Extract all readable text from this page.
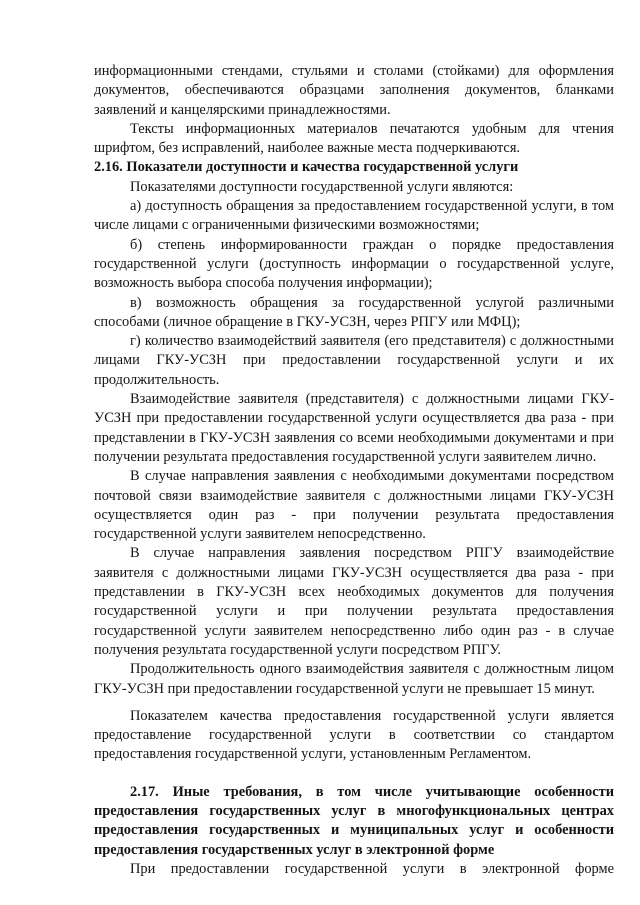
информационными стендами, стульями и столами (стойками) для оформления документов, обеспечиваются образцами заполнения документов, бланками заявлений и канцелярскими принадлежностями.

Тексты информационных материалов печатаются удобным для чтения шрифтом, без исправлений, наиболее важные места подчеркиваются.

2.16. Показатели доступности и качества государственной услуги

Показателями доступности государственной услуги являются:

а) доступность обращения за предоставлением государственной услуги, в том числе лицами с ограниченными физическими возможностями;

б) степень информированности граждан о порядке предоставления государственной услуги (доступность информации о государственной услуге, возможность выбора способа получения информации);

в) возможность обращения за государственной услугой различными способами (личное обращение в ГКУ-УСЗН, через РПГУ или МФЦ);

г) количество взаимодействий заявителя (его представителя) с должностными лицами ГКУ-УСЗН при предоставлении государственной услуги и их продолжительность.

Взаимодействие заявителя (представителя) с должностными лицами ГКУ-УСЗН при предоставлении государственной услуги осуществляется два раза - при представлении в ГКУ-УСЗН заявления со всеми необходимыми документами и при получении результата предоставления государственной услуги заявителем лично.

В случае направления заявления с необходимыми документами посредством почтовой связи взаимодействие заявителя с должностными лицами ГКУ-УСЗН осуществляется один раз - при получении результата предоставления государственной услуги заявителем непосредственно.

В случае направления заявления посредством РПГУ взаимодействие заявителя с должностными лицами ГКУ-УСЗН осуществляется два раза - при представлении в ГКУ-УСЗН всех необходимых документов для получения государственной услуги и при получении результата предоставления государственной услуги заявителем непосредственно либо один раз - в случае получения результата государственной услуги посредством РПГУ.

Продолжительность одного взаимодействия заявителя с должностным лицом ГКУ-УСЗН при предоставлении государственной услуги не превышает 15 минут.

Показателем качества предоставления государственной услуги является предоставление государственной услуги в соответствии со стандартом предоставления государственной услуги, установленным Регламентом.

2.17. Иные требования, в том числе учитывающие особенности предоставления государственных услуг в многофункциональных центрах предоставления государственных и муниципальных услуг и особенности предоставления государственных услуг в электронной форме

При предоставлении государственной услуги в электронной форме
